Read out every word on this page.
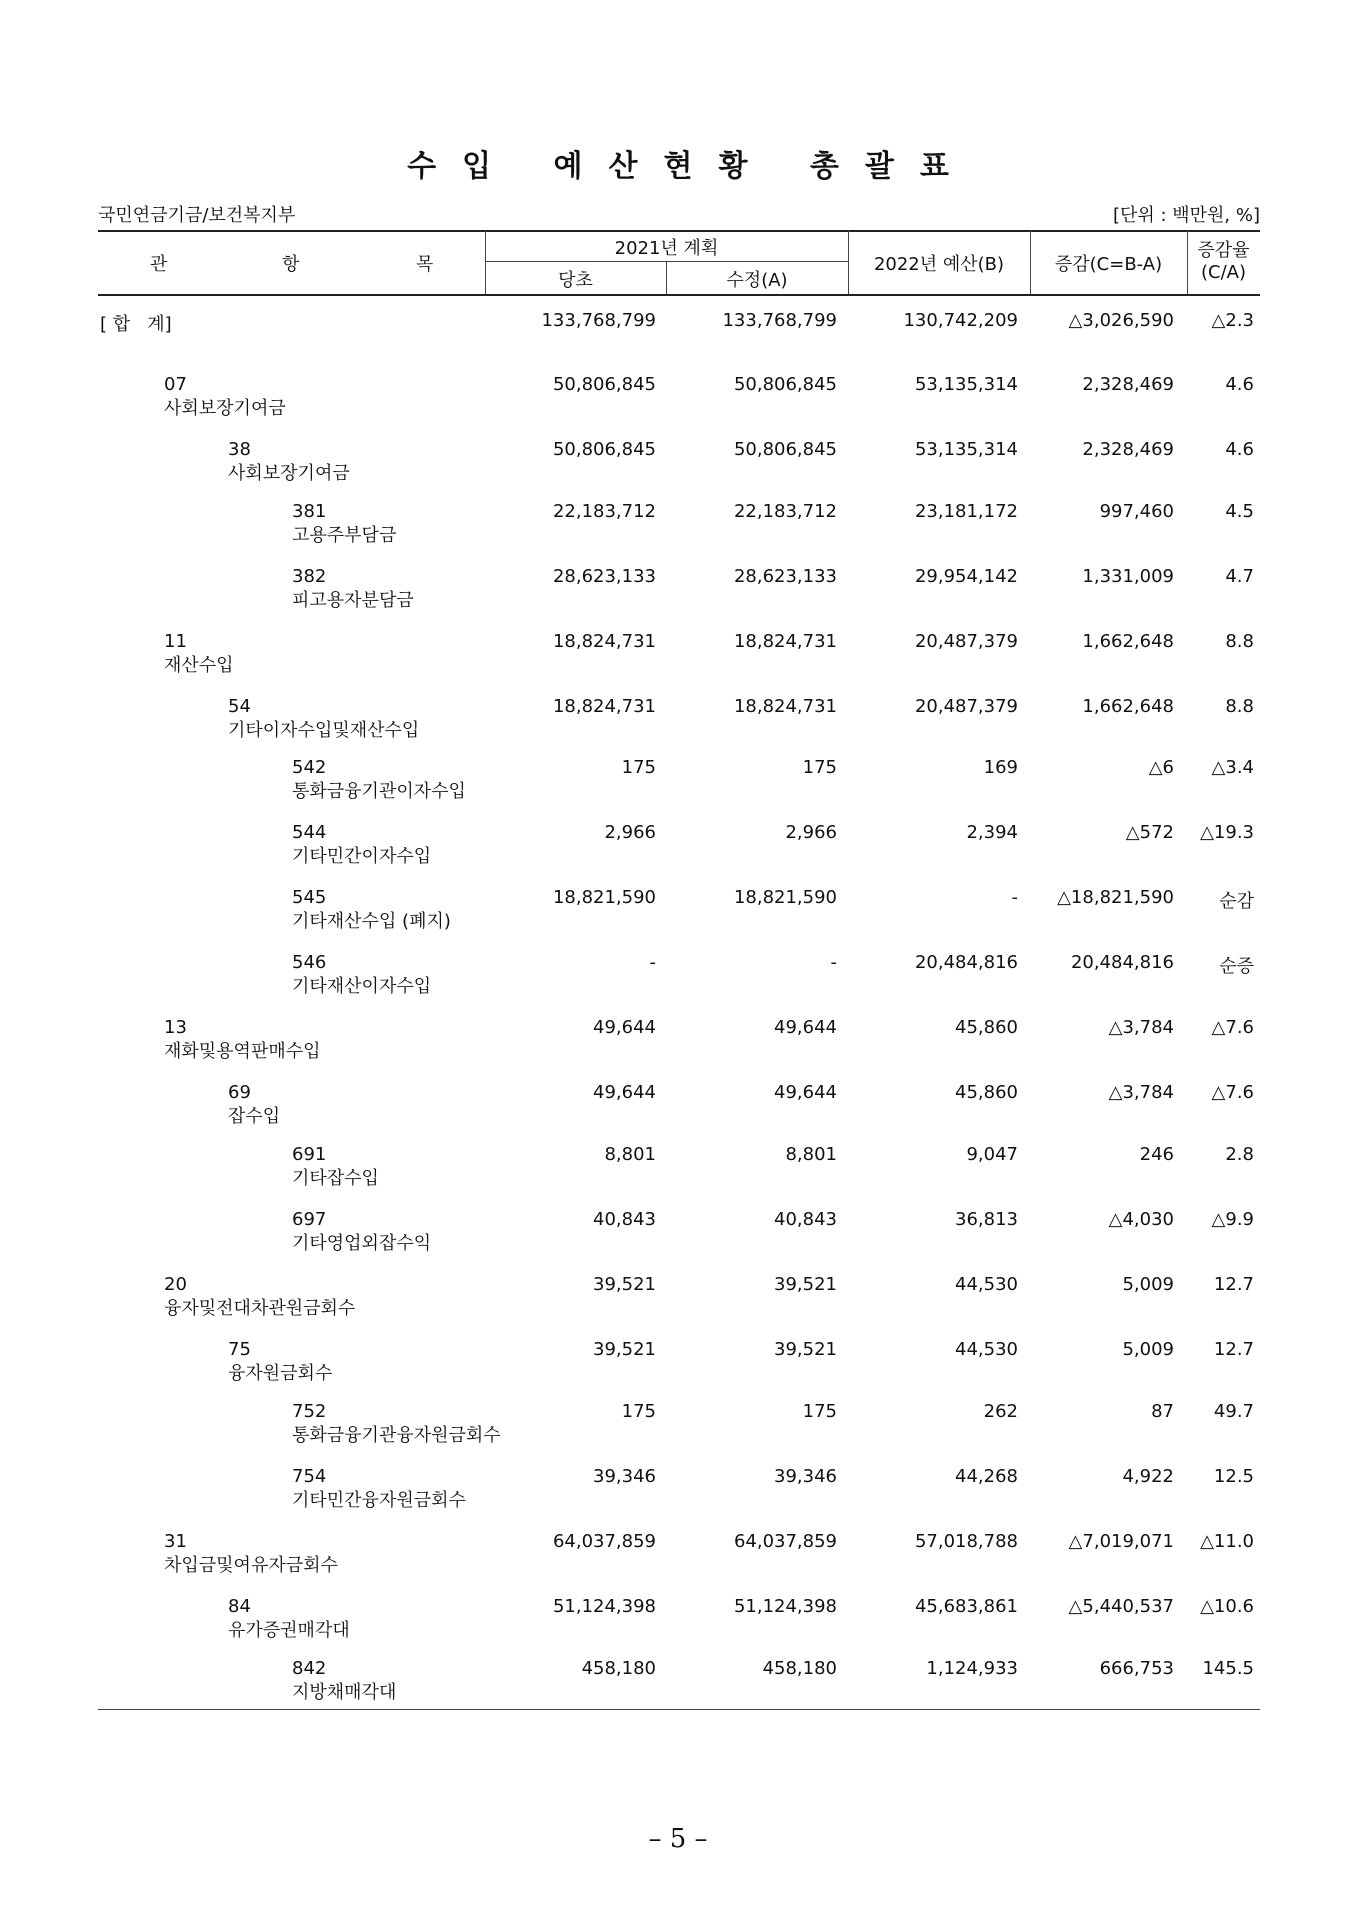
수입 예산현황 총괄표
국민연금기금/보건복지부	[단위 : 백만원, %]
관	항	목
2021년 계획
당초	수정(A)
2022년 예산(B)	증감(C=B-A)
증감율
(C/A)
[ 합   계]	133,768,799	133,768,799	130,742,209	△3,026,590 △2.3
07
사회보장기여금
50,806,845	50,806,845	53,135,314	2,328,469	4.6
38
사회보장기여금
50,806,845	50,806,845	53,135,314	2,328,469	4.6
381
고용주부담금
22,183,712	22,183,712	23,181,172	997,460	4.5
382
피고용자분담금
28,623,133	28,623,133	29,954,142	1,331,009	4.7
11
재산수입
18,824,731	18,824,731	20,487,379	1,662,648	8.8
54
기타이자수입및재산수입
18,824,731	18,824,731	20,487,379	1,662,648	8.8
542
통화금융기관이자수입
175	175	169	△6 △3.4
544
기타민간이자수입
2,966	2,966	2,394	△572 △19.3
545
기타재산수입 (폐지)
18,821,590	18,821,590	- △18,821,590	순감
546
기타재산이자수입
-	-	20,484,816	20,484,816	순증
13
재화및용역판매수입
49,644	49,644	45,860	△3,784 △7.6
69
잡수입
49,644	49,644	45,860	△3,784 △7.6
691
기타잡수입
8,801	8,801	9,047	246	2.8
697
기타영업외잡수익
40,843	40,843	36,813	△4,030 △9.9
20
융자및전대차관원금회수
39,521	39,521	44,530	5,009 12.7
75
융자원금회수
39,521	39,521	44,530	5,009 12.7
752
통화금융기관융자원금회수
175	175	262	87 49.7
754
기타민간융자원금회수
39,346	39,346	44,268	4,922 12.5
31
차입금및여유자금회수
64,037,859	64,037,859	57,018,788	△7,019,071 △11.0
84
유가증권매각대
51,124,398	51,124,398	45,683,861	△5,440,537 △10.6
842
지방채매각대
458,180	458,180	1,124,933	666,753 145.5
– 5 –
